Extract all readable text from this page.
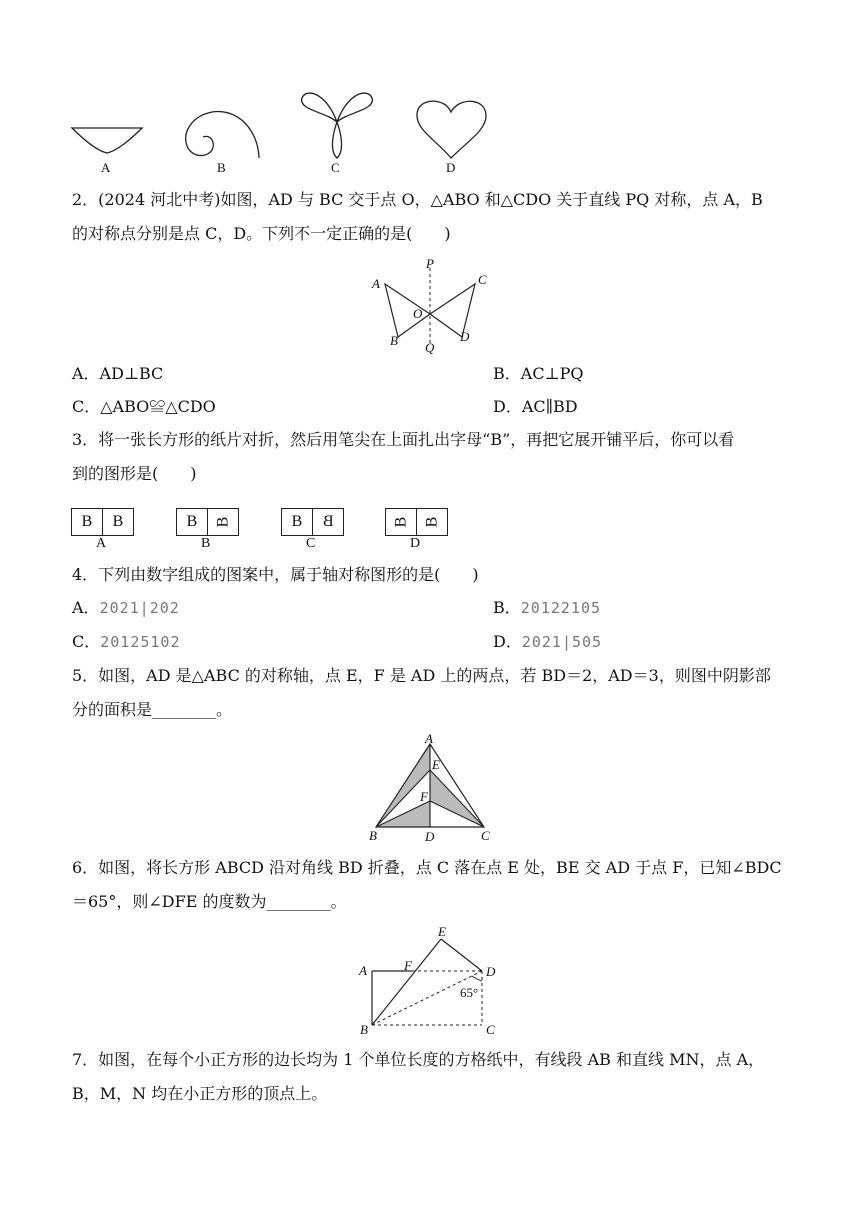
A	B	C	D
2．(2024 河北中考)如图，AD 与 BC 交于点 O，△ABO 和△CDO 关于直线 PQ 对称，点 A，B
的对称点分别是点 C，D。下列不一定正确的是(　　)
P
A	C
O
B Q
D
A．AD⊥BC	B．AC⊥PQ
C．△ABO≌△CDO	D．AC∥BD
3．将一张长方形的纸片对折，然后用笔尖在上面扎出字母“B”，再把它展开铺平后，你可以看
到的图形是(　　)
B	B	B	B	B	B	B B
A	B	C	D
4．下列由数字组成的图案中，属于轴对称图形的是(　　)
A．2021|202	B．20122105
C．20125102	D．2021|505
5．如图，AD 是△ABC 的对称轴，点 E，F 是 AD 上的两点，若 BD＝2，AD＝3，则图中阴影部
分的面积是________。
A
E
F
B	D	C
6．如图，将长方形 ABCD 沿对角线 BD 折叠，点 C 落在点 E 处，BE 交 AD 于点 F，已知∠BDC
＝65°，则∠DFE 的度数为________。
E
A	F	D
65°
B	C
7．如图，在每个小正方形的边长均为 1 个单位长度的方格纸中，有线段 AB 和直线 MN，点 A，
B，M，N 均在小正方形的顶点上。
